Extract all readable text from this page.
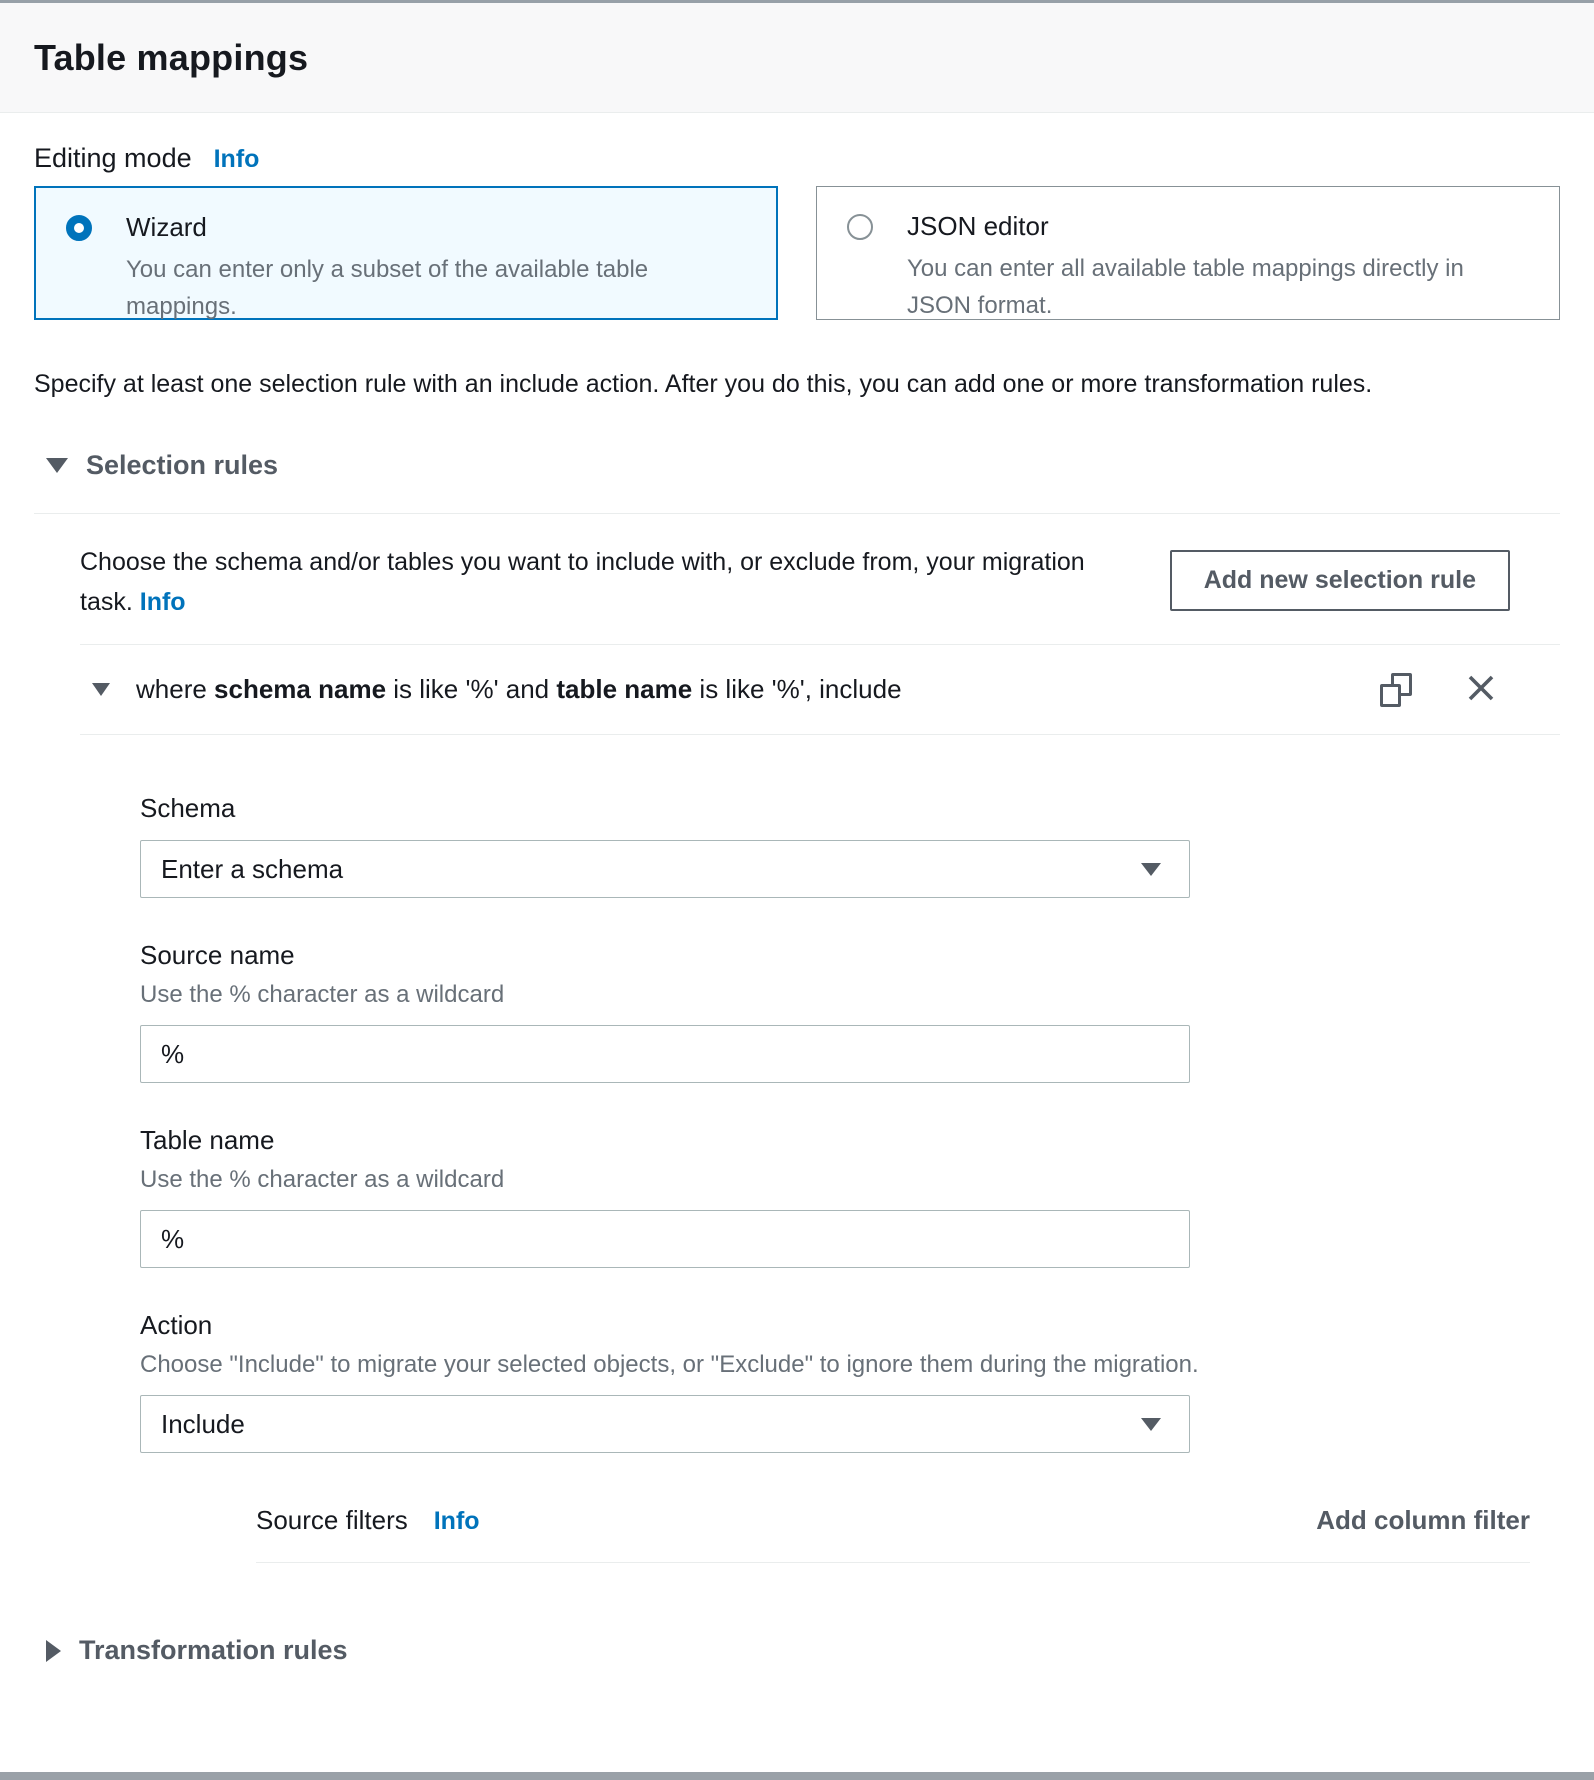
Table mappings
Editing mode Info
Wizard
You can enter only a subset of the available table mappings.
JSON editor
You can enter all available table mappings directly in JSON format.
Specify at least one selection rule with an include action. After you do this, you can add one or more transformation rules.
Selection rules
Choose the schema and/or tables you want to include with, or exclude from, your migration task. Info
Add new selection rule
where schema name is like '%' and table name is like '%', include
Schema
Enter a schema
Source name
Use the % character as a wildcard
%
Table name
Use the % character as a wildcard
%
Action
Choose "Include" to migrate your selected objects, or "Exclude" to ignore them during the migration.
Include
Source filters Info	Add column filter
Transformation rules
